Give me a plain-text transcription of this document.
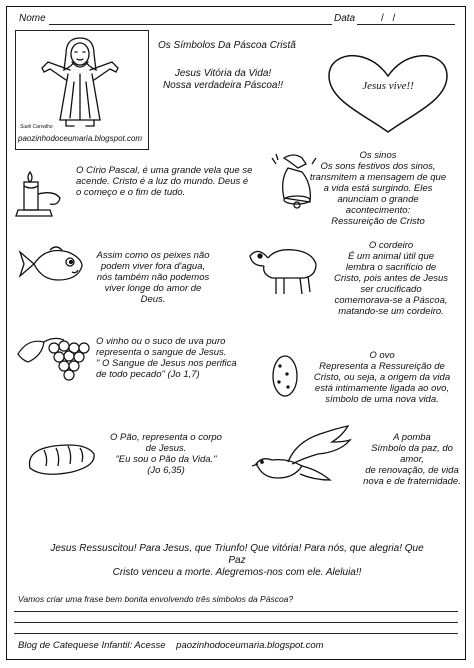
Nome	Data	/ /
Sueli Carvalho
paozinhodoceumaria.blogspot.com
Os Símbolos Da Páscoa Cristã
Jesus Vitória da Vida!
Nossa verdadeira Páscoa!!	Jesus vive!!
O Círio Pascal, é uma grande vela que se
acende. Cristo é a luz do mundo. Deus é
o começo e o fim de tudo.
Os sinos
Os sons festivos dos sinos,
transmitem a mensagem de que
a vida está surgindo. Eles
anunciam o grande
acontecimento:
Ressureição de Cristo
Assim como os peixes não
podem viver fora d'agua,
nós também não podemos
viver longe do amor de
Deus.
O cordeiro
É um animal útil que
lembra o sacrifício de
Cristo, pois antes de Jesus
ser crucificado
comemorava-se a Páscoa,
matando-se um cordeiro.
O vinho ou o suco de uva puro
representa o sangue de Jesus.
" O Sangue de Jesus nos perifica
de todo pecado" (Jo 1,7)
O ovo
Representa a Ressureição de
Cristo, ou seja, a origem da vida
está intimamente ligada ao ovo,
símbolo de uma nova vida.
O Pão, representa o corpo
de Jesus.
"Eu sou o Pão da Vida."
(Jo 6,35)
A pomba
Símbolo da paz, do amor,
de renovação, de vida
nova e de fraternidade.
Jesus Ressuscitou! Para Jesus, que Triunfo! Que vitória! Para nós, que alegria! Que
Paz
Cristo venceu a morte. Alegremos-nos com ele. Aleluia!!
Vamos criar uma frase bem bonita envolvendo três simbolos da Páscoa?
Blog de Catequese Infantil: Acesse paozinhodoceumaria.blogspot.com
